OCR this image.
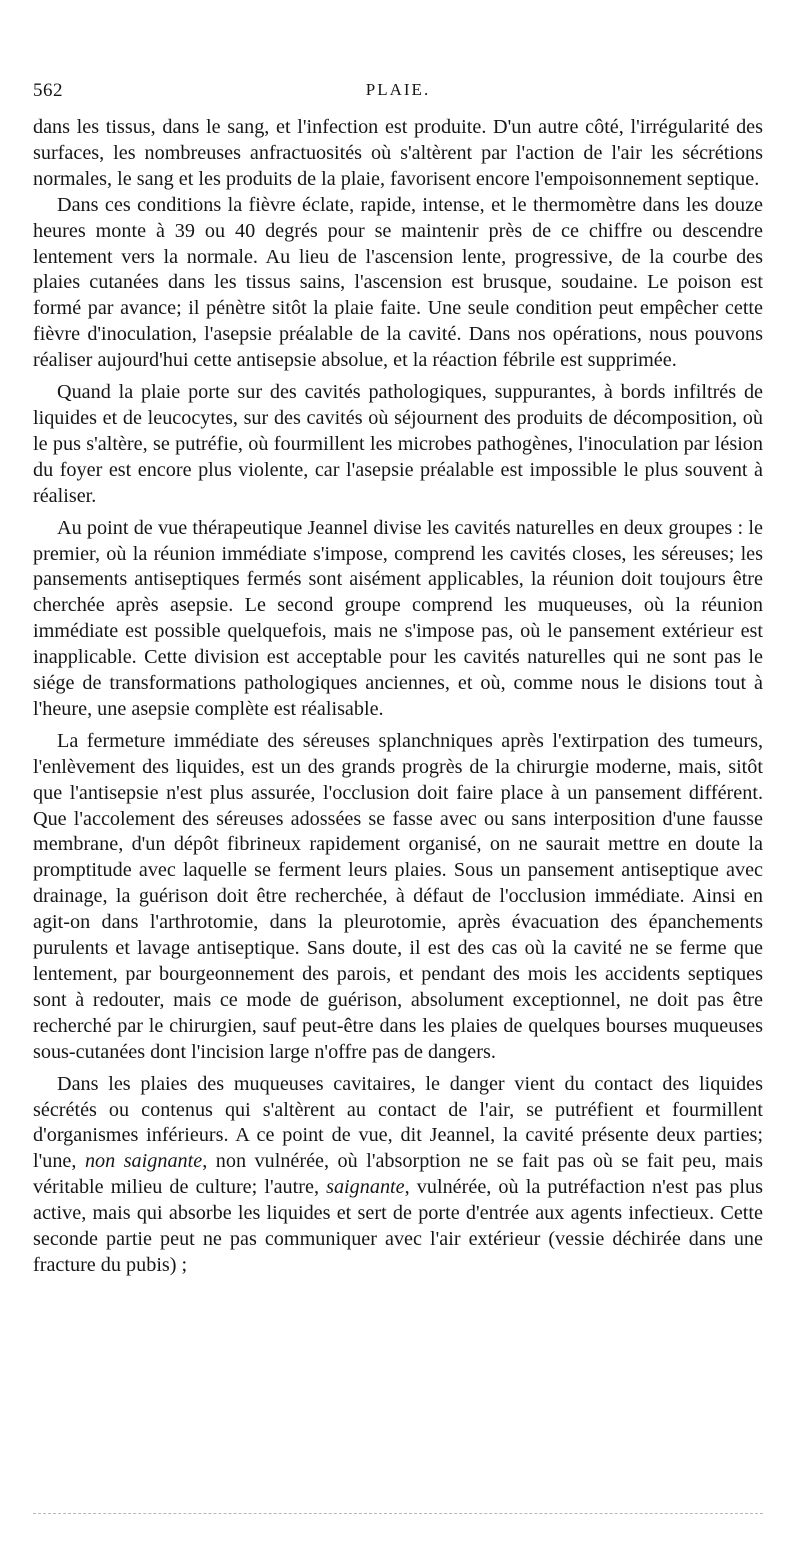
562	PLAIE.

dans les tissus, dans le sang, et l'infection est produite. D'un autre côté, l'irrégularité des surfaces, les nombreuses anfractuosités où s'altèrent par l'action de l'air les sécrétions normales, le sang et les produits de la plaie, favorisent encore l'empoisonnement septique.

Dans ces conditions la fièvre éclate, rapide, intense, et le thermomètre dans les douze heures monte à 39 ou 40 degrés pour se maintenir près de ce chiffre ou descendre lentement vers la normale. Au lieu de l'ascension lente, progressive, de la courbe des plaies cutanées dans les tissus sains, l'ascension est brusque, soudaine. Le poison est formé par avance; il pénètre sitôt la plaie faite. Une seule condition peut empêcher cette fièvre d'inoculation, l'asepsie préalable de la cavité. Dans nos opérations, nous pouvons réaliser aujourd'hui cette antisepsie absolue, et la réaction fébrile est supprimée.

Quand la plaie porte sur des cavités pathologiques, suppurantes, à bords infiltrés de liquides et de leucocytes, sur des cavités où séjournent des produits de décomposition, où le pus s'altère, se putréfie, où fourmillent les microbes pathogènes, l'inoculation par lésion du foyer est encore plus violente, car l'asepsie préalable est impossible le plus souvent à réaliser.

Au point de vue thérapeutique Jeannel divise les cavités naturelles en deux groupes : le premier, où la réunion immédiate s'impose, comprend les cavités closes, les séreuses; les pansements antiseptiques fermés sont aisément applicables, la réunion doit toujours être cherchée après asepsie. Le second groupe comprend les muqueuses, où la réunion immédiate est possible quelquefois, mais ne s'impose pas, où le pansement extérieur est inapplicable. Cette division est acceptable pour les cavités naturelles qui ne sont pas le siége de transformations pathologiques anciennes, et où, comme nous le disions tout à l'heure, une asepsie complète est réalisable.

La fermeture immédiate des séreuses splanchniques après l'extirpation des tumeurs, l'enlèvement des liquides, est un des grands progrès de la chirurgie moderne, mais, sitôt que l'antisepsie n'est plus assurée, l'occlusion doit faire place à un pansement différent. Que l'accolement des séreuses adossées se fasse avec ou sans interposition d'une fausse membrane, d'un dépôt fibrineux rapidement organisé, on ne saurait mettre en doute la promptitude avec laquelle se ferment leurs plaies. Sous un pansement antiseptique avec drainage, la guérison doit être recherchée, à défaut de l'occlusion immédiate. Ainsi en agit-on dans l'arthrotomie, dans la pleurotomie, après évacuation des épanchements purulents et lavage antiseptique. Sans doute, il est des cas où la cavité ne se ferme que lentement, par bourgeonnement des parois, et pendant des mois les accidents septiques sont à redouter, mais ce mode de guérison, absolument exceptionnel, ne doit pas être recherché par le chirurgien, sauf peut-être dans les plaies de quelques bourses muqueuses sous-cutanées dont l'incision large n'offre pas de dangers.

Dans les plaies des muqueuses cavitaires, le danger vient du contact des liquides sécrétés ou contenus qui s'altèrent au contact de l'air, se putréfient et fourmillent d'organismes inférieurs. A ce point de vue, dit Jeannel, la cavité présente deux parties; l'une, non saignante, non vulnérée, où l'absorption ne se fait pas où se fait peu, mais véritable milieu de culture; l'autre, saignante, vulnérée, où la putréfaction n'est pas plus active, mais qui absorbe les liquides et sert de porte d'entrée aux agents infectieux. Cette seconde partie peut ne pas communiquer avec l'air extérieur (vessie déchirée dans une fracture du pubis) ;
